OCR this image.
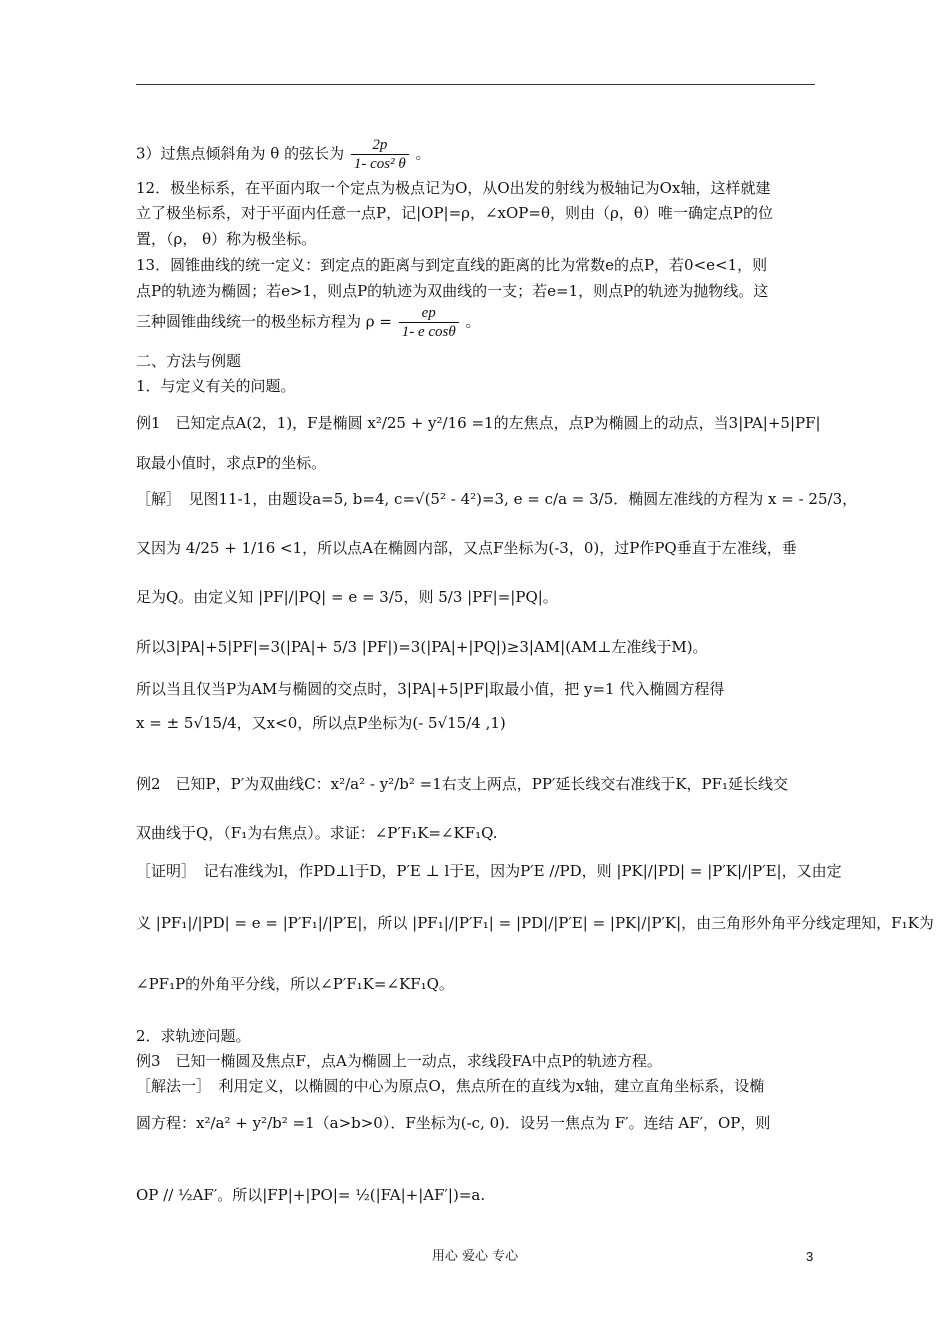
3）过焦点倾斜角为 θ 的弦长为 $\frac{2p}{\text{1- cos² θ}}$ 。
12．极坐标系，在平面内取一个定点为极点记为O，从O出发的射线为极轴记为Ox轴，这样就建
立了极坐标系，对于平面内任意一点P，记|OP|=ρ，∠xOP=θ，则由（ρ，θ）唯一确定点P的位
置，（ρ， θ）称为极坐标。
13．圆锥曲线的统一定义：到定点的距离与到定直线的距离的比为常数e的点P，若0<e<1，则
点P的轨迹为椭圆；若e>1，则点P的轨迹为双曲线的一支；若e=1，则点P的轨迹为抛物线。这
三种圆锥曲线统一的极坐标方程为 $\rho = \frac{ep}{\text{1- e cosθ}}$ 。
二、方法与例题
1．与定义有关的问题。
例1　已知定点A(2，1)，F是椭圆 x²/25 + y²/16 =1的左焦点，点P为椭圆上的动点，当3|PA|+5|PF|
取最小值时，求点P的坐标。
［解］　见图11-1，由题设a=5, b=4, c=√(5² - 4²)=3, e = c/a = 3/5．椭圆左准线的方程为 x = - 25/3，
又因为 4/25 + 1/16 <1，所以点A在椭圆内部，又点F坐标为(-3，0)，过P作PQ垂直于左准线，垂
足为Q。由定义知 |PF|/|PQ| = e = 3/5，则 5/3 |PF|=|PQ|。
所以3|PA|+5|PF|=3(|PA|+ 5/3 |PF|)=3(|PA|+|PQ|)≥3|AM|(AM⊥左准线于M)。
所以当且仅当P为AM与椭圆的交点时，3|PA|+5|PF|取最小值，把 y=1 代入椭圆方程得
x = ± 5√15/4，又x<0，所以点P坐标为(- 5√15/4 ,1)
例2　已知P，P′为双曲线C：x²/a² - y²/b² =1右支上两点，PP′延长线交右准线于K，PF₁延长线交
双曲线于Q，（F₁为右焦点）。求证：∠P′F₁K=∠KF₁Q.
［证明］　记右准线为l，作PD⊥l于D，P′E ⊥ l于E，因为P′E //PD，则 |PK|/|PD| = |P′K|/|P′E|，又由定
义 |PF₁|/|PD| = e = |P′F₁|/|P′E|，所以 |PF₁|/|P′F₁| = |PD|/|P′E| = |PK|/|P′K|，由三角形外角平分线定理知，F₁K为
∠PF₁P的外角平分线，所以∠P′F₁K=∠KF₁Q。
2．求轨迹问题。
例3　已知一椭圆及焦点F，点A为椭圆上一动点，求线段FA中点P的轨迹方程。
［解法一］　利用定义，以椭圆的中心为原点O，焦点所在的直线为x轴，建立直角坐标系，设椭
圆方程：x²/a² + y²/b² =1（a>b>0）．F坐标为(-c, 0)．设另一焦点为 F′。连结 AF′，OP，则
OP // ½AF′。所以|FP|+|PO|= ½(|FA|+|AF′|)=a.
用心 爱心 专心	3
